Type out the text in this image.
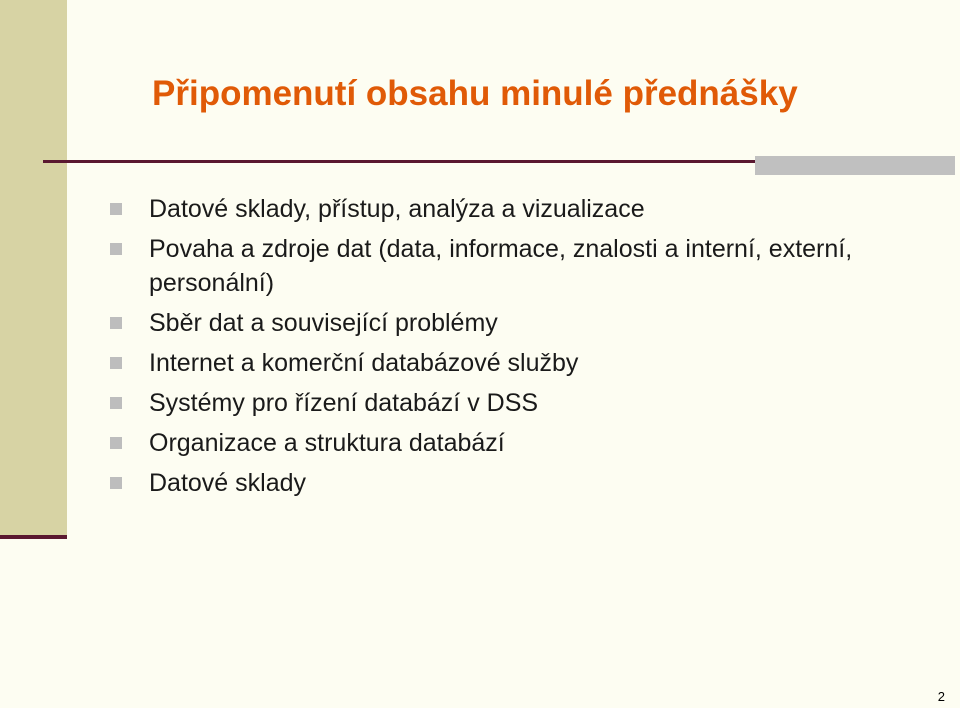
Připomenutí obsahu minulé přednášky
Datové sklady, přístup, analýza a vizualizace
Povaha a zdroje dat (data, informace, znalosti a interní, externí, personální)
Sběr dat a související problémy
Internet a komerční databázové služby
Systémy pro řízení databází v DSS
Organizace a struktura databází
Datové sklady
2
